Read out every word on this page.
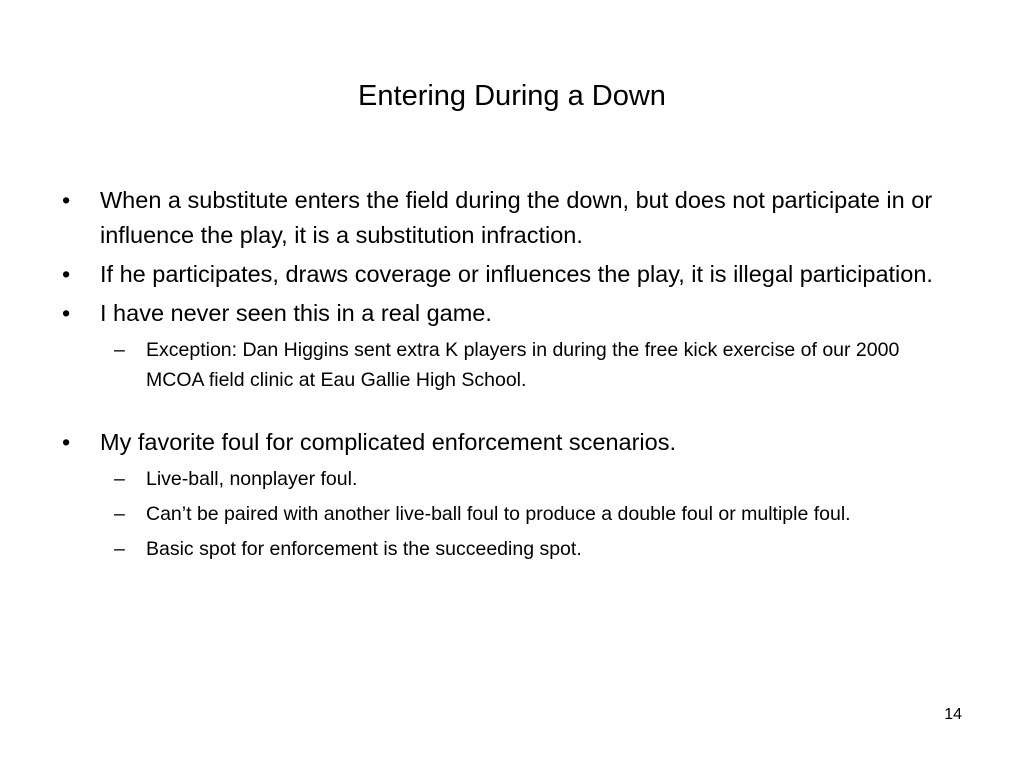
Entering During a Down
• When a substitute enters the field during the down, but does not participate in or influence the play, it is a substitution infraction.
• If he participates, draws coverage or influences the play, it is illegal participation.
• I have never seen this in a real game.
– Exception: Dan Higgins sent extra K players in during the free kick exercise of our 2000 MCOA field clinic at Eau Gallie High School.
• My favorite foul for complicated enforcement scenarios.
– Live-ball, nonplayer foul.
– Can’t be paired with another live-ball foul to produce a double foul or multiple foul.
– Basic spot for enforcement is the succeeding spot.
14
